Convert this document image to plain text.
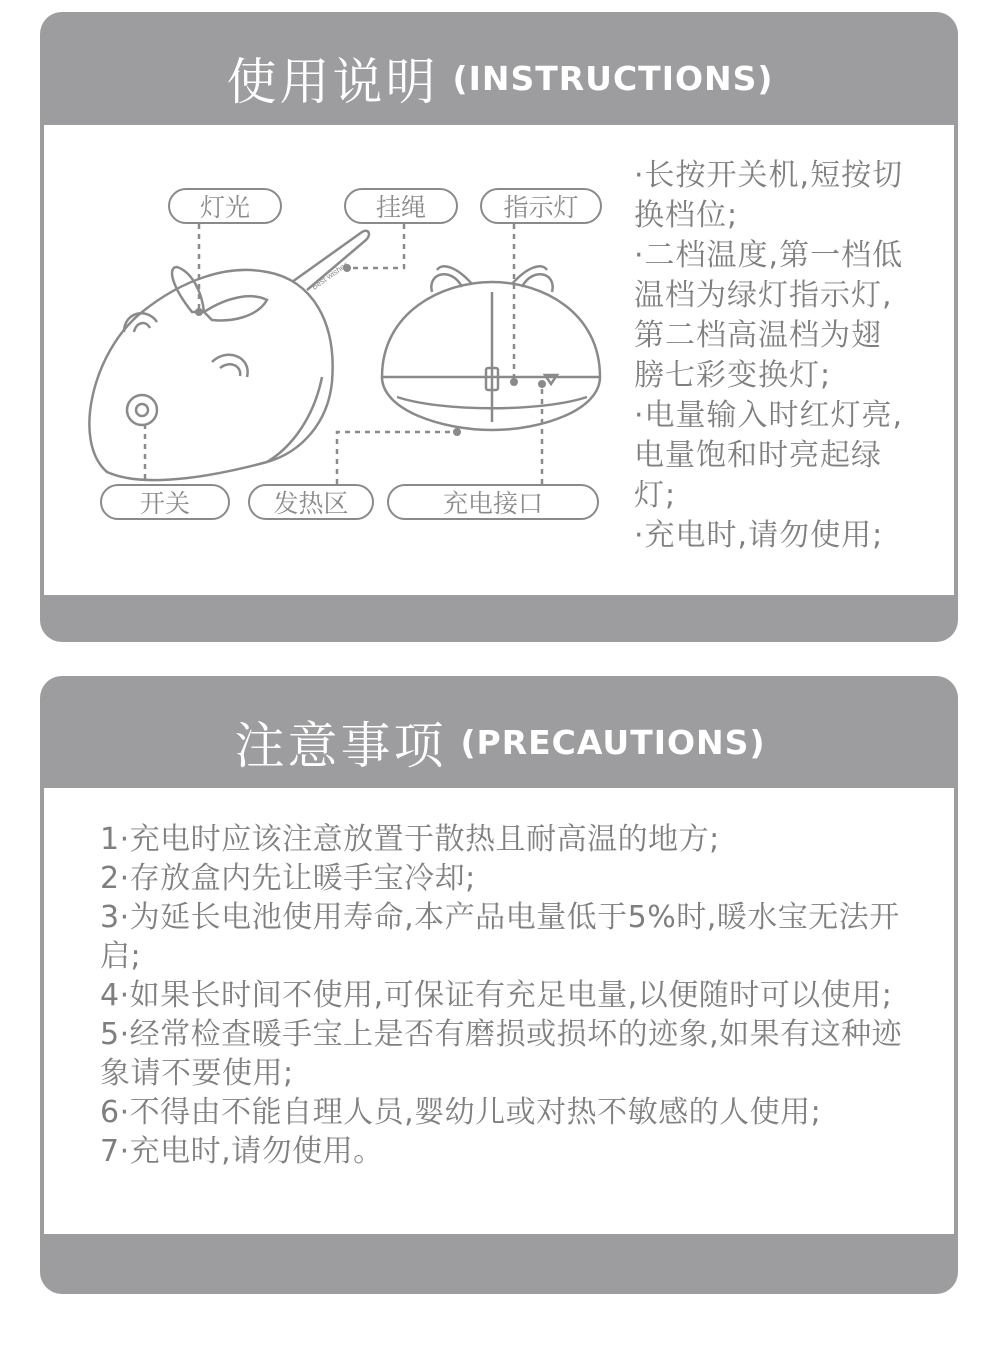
使用说明 (INSTRUCTIONS)
Best wishes
灯光	挂绳	指示灯
开关	发热区	充电接口
·长按开关机,短按切换档位;
·二档温度,第一档低温档为绿灯指示灯,第二档高温档为翅膀七彩变换灯;
·电量输入时红灯亮,电量饱和时亮起绿灯;
·充电时,请勿使用;
注意事项 (PRECAUTIONS)
1·充电时应该注意放置于散热且耐高温的地方;
2·存放盒内先让暖手宝冷却;
3·为延长电池使用寿命,本产品电量低于5%时,暖水宝无法开启;
4·如果长时间不使用,可保证有充足电量,以便随时可以使用;
5·经常检查暖手宝上是否有磨损或损坏的迹象,如果有这种迹象请不要使用;
6·不得由不能自理人员,婴幼儿或对热不敏感的人使用;
7·充电时,请勿使用。
